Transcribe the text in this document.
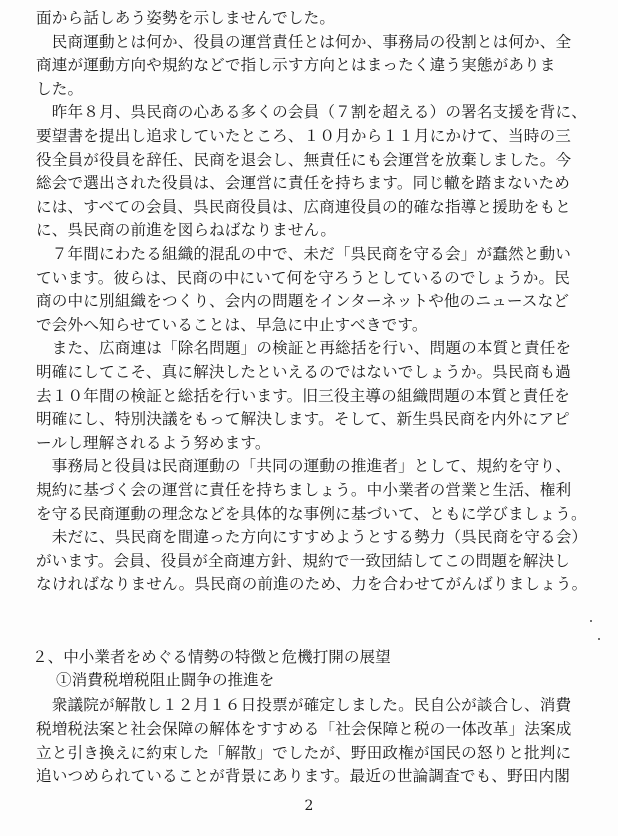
面から話しあう姿勢を示しませんでした。
　民商運動とは何か、役員の運営責任とは何か、事務局の役割とは何か、全
商連が運動方向や規約などで指し示す方向とはまったく違う実態がありま
した。
　昨年８月、呉民商の心ある多くの会員（７割を超える）の署名支援を背に、
要望書を提出し追求していたところ、１０月から１１月にかけて、当時の三
役全員が役員を辞任、民商を退会し、無責任にも会運営を放棄しました。今
総会で選出された役員は、会運営に責任を持ちます。同じ轍を踏まないため
には、すべての会員、呉民商役員は、広商連役員の的確な指導と援助をもと
に、呉民商の前進を図らねばなりません。
　７年間にわたる組織的混乱の中で、未だ「呉民商を守る会」が蠢然と動い
ています。彼らは、民商の中にいて何を守ろうとしているのでしょうか。民
商の中に別組織をつくり、会内の問題をインターネットや他のニュースなど
で会外へ知らせていることは、早急に中止すべきです。
　また、広商連は「除名問題」の検証と再総括を行い、問題の本質と責任を
明確にしてこそ、真に解決したといえるのではないでしょうか。呉民商も過
去１０年間の検証と総括を行います。旧三役主導の組織問題の本質と責任を
明確にし、特別決議をもって解決します。そして、新生呉民商を内外にアピ
ールし理解されるよう努めます。
　事務局と役員は民商運動の「共同の運動の推進者」として、規約を守り、
規約に基づく会の運営に責任を持ちましょう。中小業者の営業と生活、権利
を守る民商運動の理念などを具体的な事例に基づいて、ともに学びましょう。
　未だに、呉民商を間違った方向にすすめようとする勢力（呉民商を守る会）
がいます。会員、役員が全商連方針、規約で一致団結してこの問題を解決し
なければなりません。呉民商の前進のため、力を合わせてがんばりましょう。
２、中小業者をめぐる情勢の特徴と危機打開の展望
①消費税増税阻止闘争の推進を
　衆議院が解散し１２月１６日投票が確定しました。民自公が談合し、消費
税増税法案と社会保障の解体をすすめる「社会保障と税の一体改革」法案成
立と引き換えに約束した「解散」でしたが、野田政権が国民の怒りと批判に
追いつめられていることが背景にあります。最近の世論調査でも、野田内閣
2
